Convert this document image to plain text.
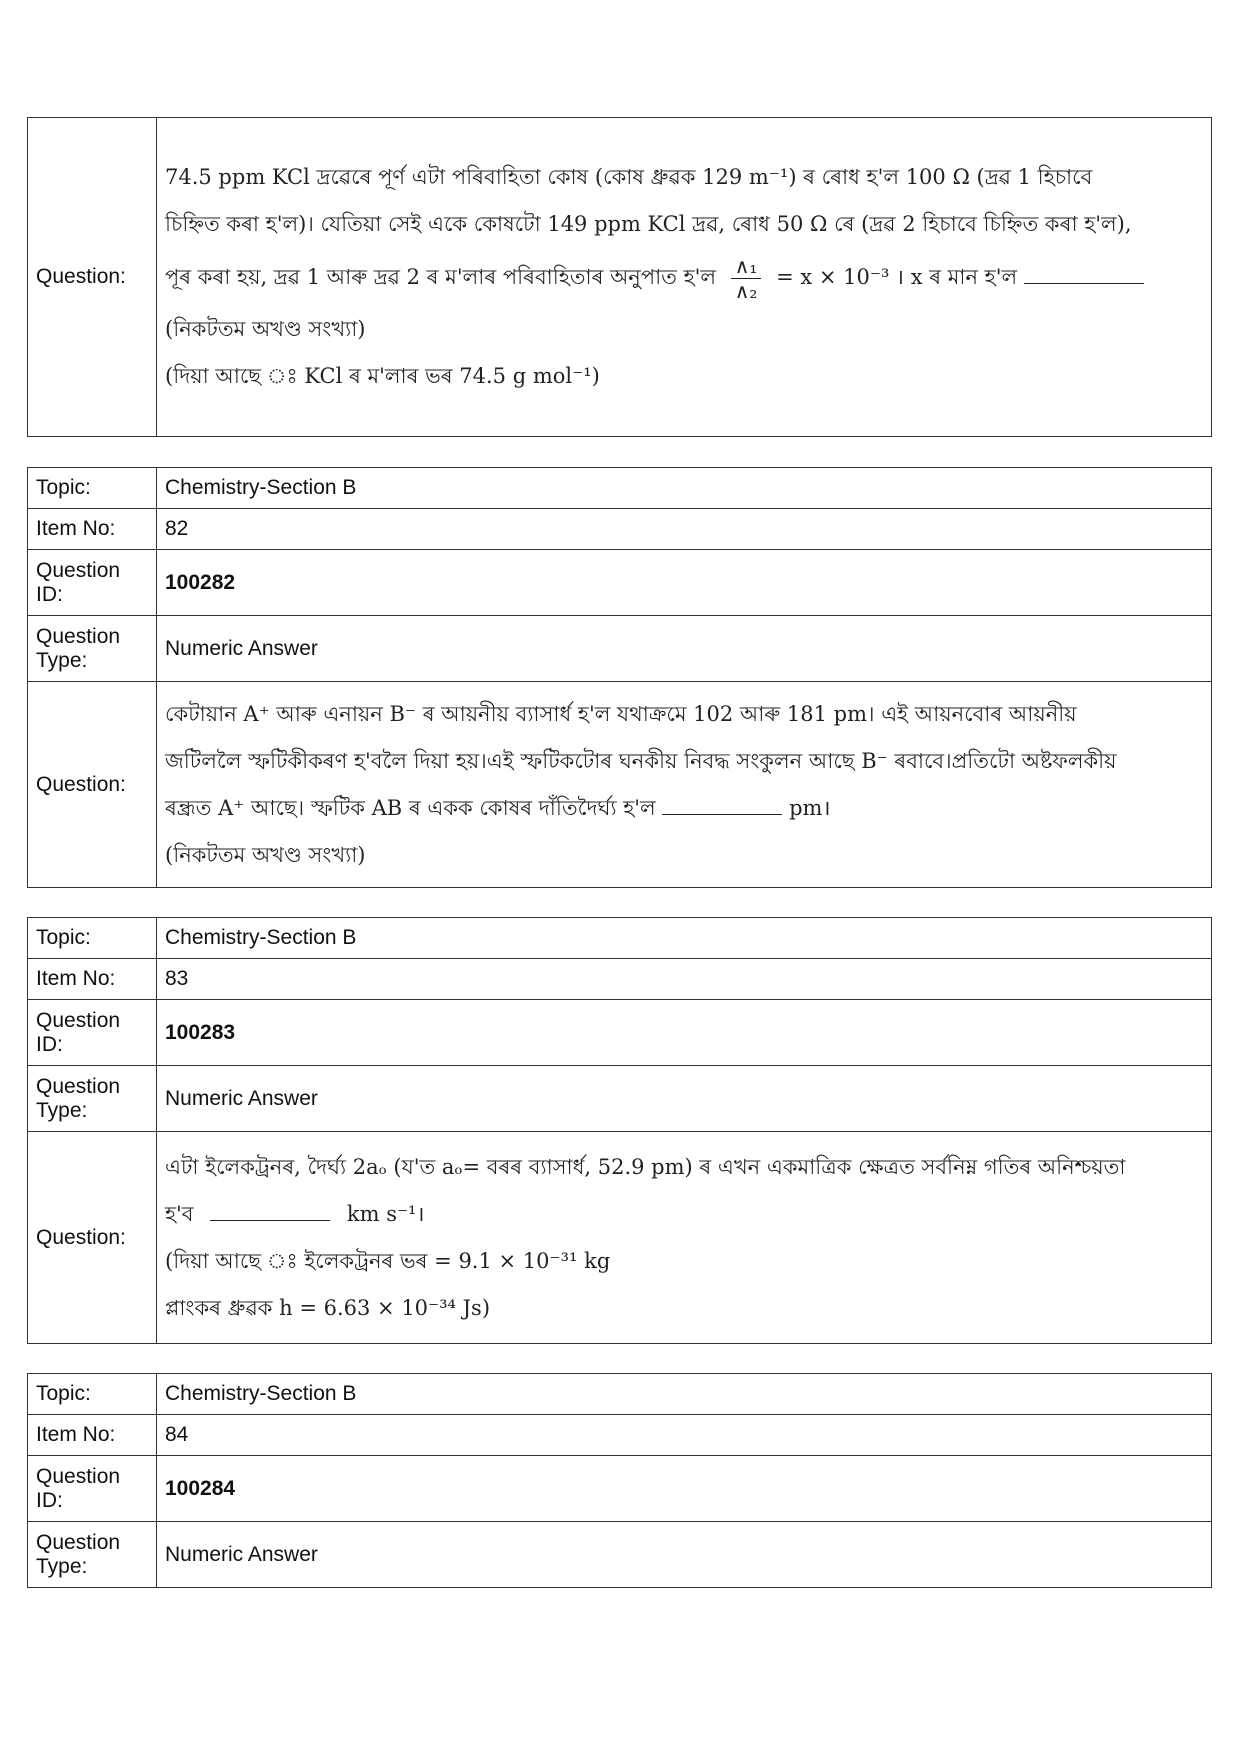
Question:	
74.5 ppm KCl দ্ৰৱেৰে পূৰ্ণ এটা পৰিবাহিতা কোষ (কোষ ধ্ৰুৱক 129 m⁻¹) ৰ ৰোধ হ'ল 100 Ω (দ্ৰৱ 1 হিচাবে
চিহ্নিত কৰা হ'ল)। যেতিয়া সেই একে কোষটো 149 ppm KCl দ্ৰৱ, ৰোধ 50 Ω ৰে (দ্ৰৱ 2 হিচাবে চিহ্নিত কৰা হ'ল),
পূৰ কৰা হয়, দ্ৰৱ 1 আৰু দ্ৰৱ 2 ৰ ম'লাৰ পৰিবাহিতাৰ অনুপাত হ'ল $\frac{\text{∧₁}}{\text{∧₂}} = x \times 10^{-3}$ । x ৰ মান হ'ল
(নিকটতম অখণ্ড সংখ্যা)
(দিয়া আছে ঃ KCl ৰ ম'লাৰ ভৰ 74.5 g mol⁻¹)
Topic:	Chemistry-Section B
Item No:	82
Question ID:	100282
Question Type:	Numeric Answer
Question:	কেটায়ান A⁺ আৰু এনায়ন B⁻ ৰ আয়নীয় ব্যাসাৰ্ধ হ'ল যথাক্ৰমে 102 আৰু 181 pm। এই আয়নবোৰ আয়নীয়
জটিললৈ স্ফটিকীকৰণ হ'বলৈ দিয়া হয়।এই স্ফটিকটোৰ ঘনকীয় নিবদ্ধ সংকুলন আছে B⁻ ৰবাবে।প্ৰতিটো অষ্টফলকীয়
ৰন্ধ্ৰত A⁺ আছে। স্ফটিক AB ৰ একক কোষৰ দাঁতিদৈৰ্ঘ্য হ'ল pm।
(নিকটতম অখণ্ড সংখ্যা)
Topic:	Chemistry-Section B
Item No:	83
Question ID:	100283
Question Type:	Numeric Answer
Question:	এটা ইলেকট্ৰনৰ, দৈৰ্ঘ্য 2aₒ (য'ত aₒ= বৰৰ ব্যাসাৰ্ধ, 52.9 pm) ৰ এখন একমাত্ৰিক ক্ষেত্ৰত সৰ্বনিম্ন গতিৰ অনিশ্চয়তা
হ'ব km s⁻¹।
(দিয়া আছে ঃ ইলেকট্ৰনৰ ভৰ = 9.1 × 10⁻³¹ kg
প্লাংকৰ ধ্ৰুৱক h = 6.63 × 10⁻³⁴ Js)
Topic:	Chemistry-Section B
Item No:	84
Question ID:	100284
Question Type:	Numeric Answer
